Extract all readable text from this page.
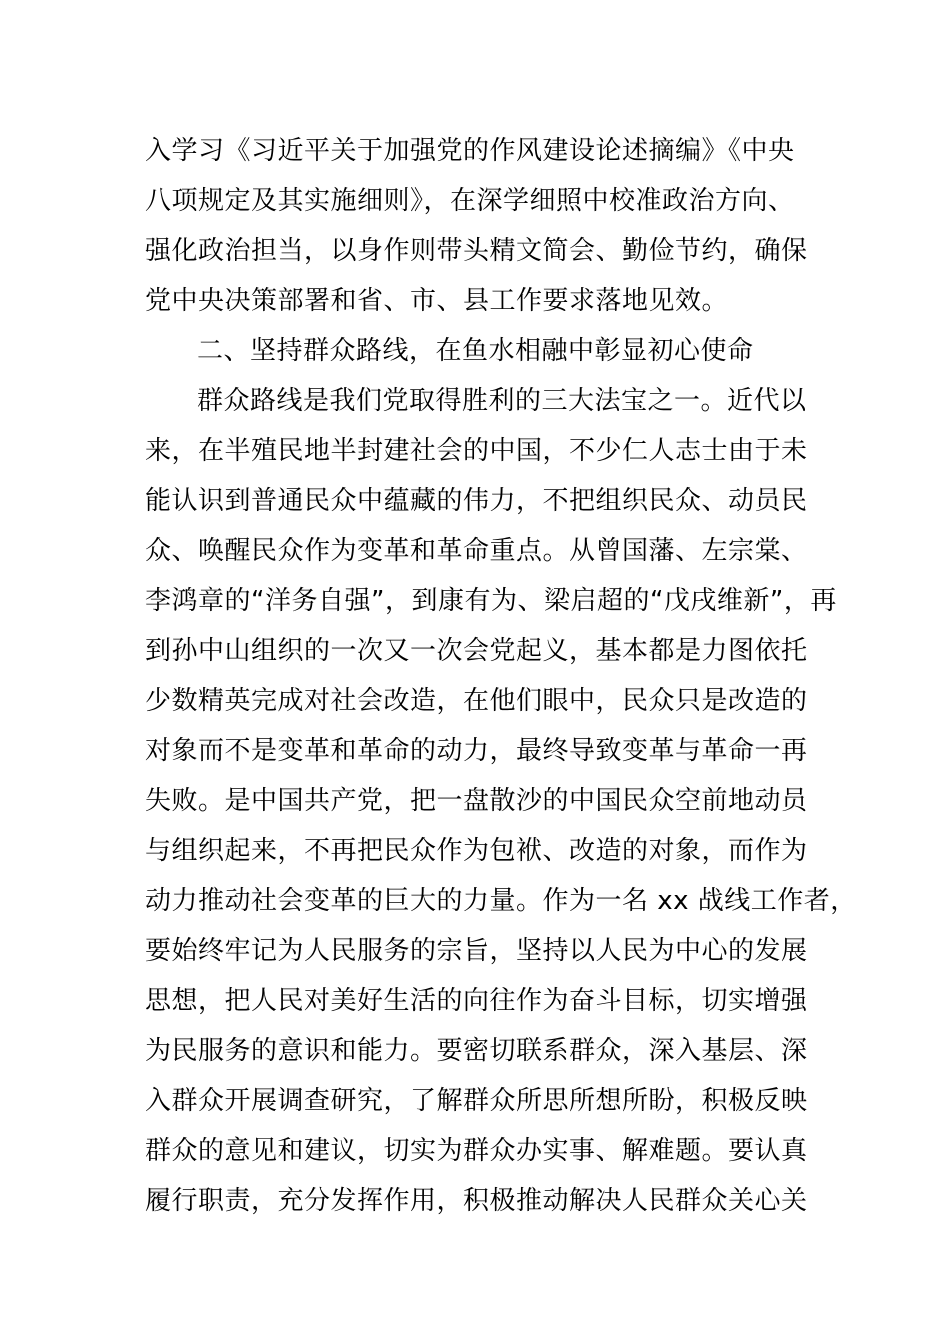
入学习《习近平关于加强党的作风建设论述摘编》《中央
八项规定及其实施细则》，在深学细照中校准政治方向、
强化政治担当，以身作则带头精文简会、勤俭节约，确保
党中央决策部署和省、市、县工作要求落地见效。
二、坚持群众路线，在鱼水相融中彰显初心使命
群众路线是我们党取得胜利的三大法宝之一。近代以
来，在半殖民地半封建社会的中国，不少仁人志士由于未
能认识到普通民众中蕴藏的伟力，不把组织民众、动员民
众、唤醒民众作为变革和革命重点。从曾国藩、左宗棠、
李鸿章的“洋务自强”，到康有为、梁启超的“戊戌维新”，再
到孙中山组织的一次又一次会党起义，基本都是力图依托
少数精英完成对社会改造，在他们眼中，民众只是改造的
对象而不是变革和革命的动力，最终导致变革与革命一再
失败。是中国共产党，把一盘散沙的中国民众空前地动员
与组织起来，不再把民众作为包袱、改造的对象，而作为
动力推动社会变革的巨大的力量。作为一名 xx 战线工作者，
要始终牢记为人民服务的宗旨，坚持以人民为中心的发展
思想，把人民对美好生活的向往作为奋斗目标，切实增强
为民服务的意识和能力。要密切联系群众，深入基层、深
入群众开展调查研究，了解群众所思所想所盼，积极反映
群众的意见和建议，切实为群众办实事、解难题。要认真
履行职责，充分发挥作用，积极推动解决人民群众关心关
